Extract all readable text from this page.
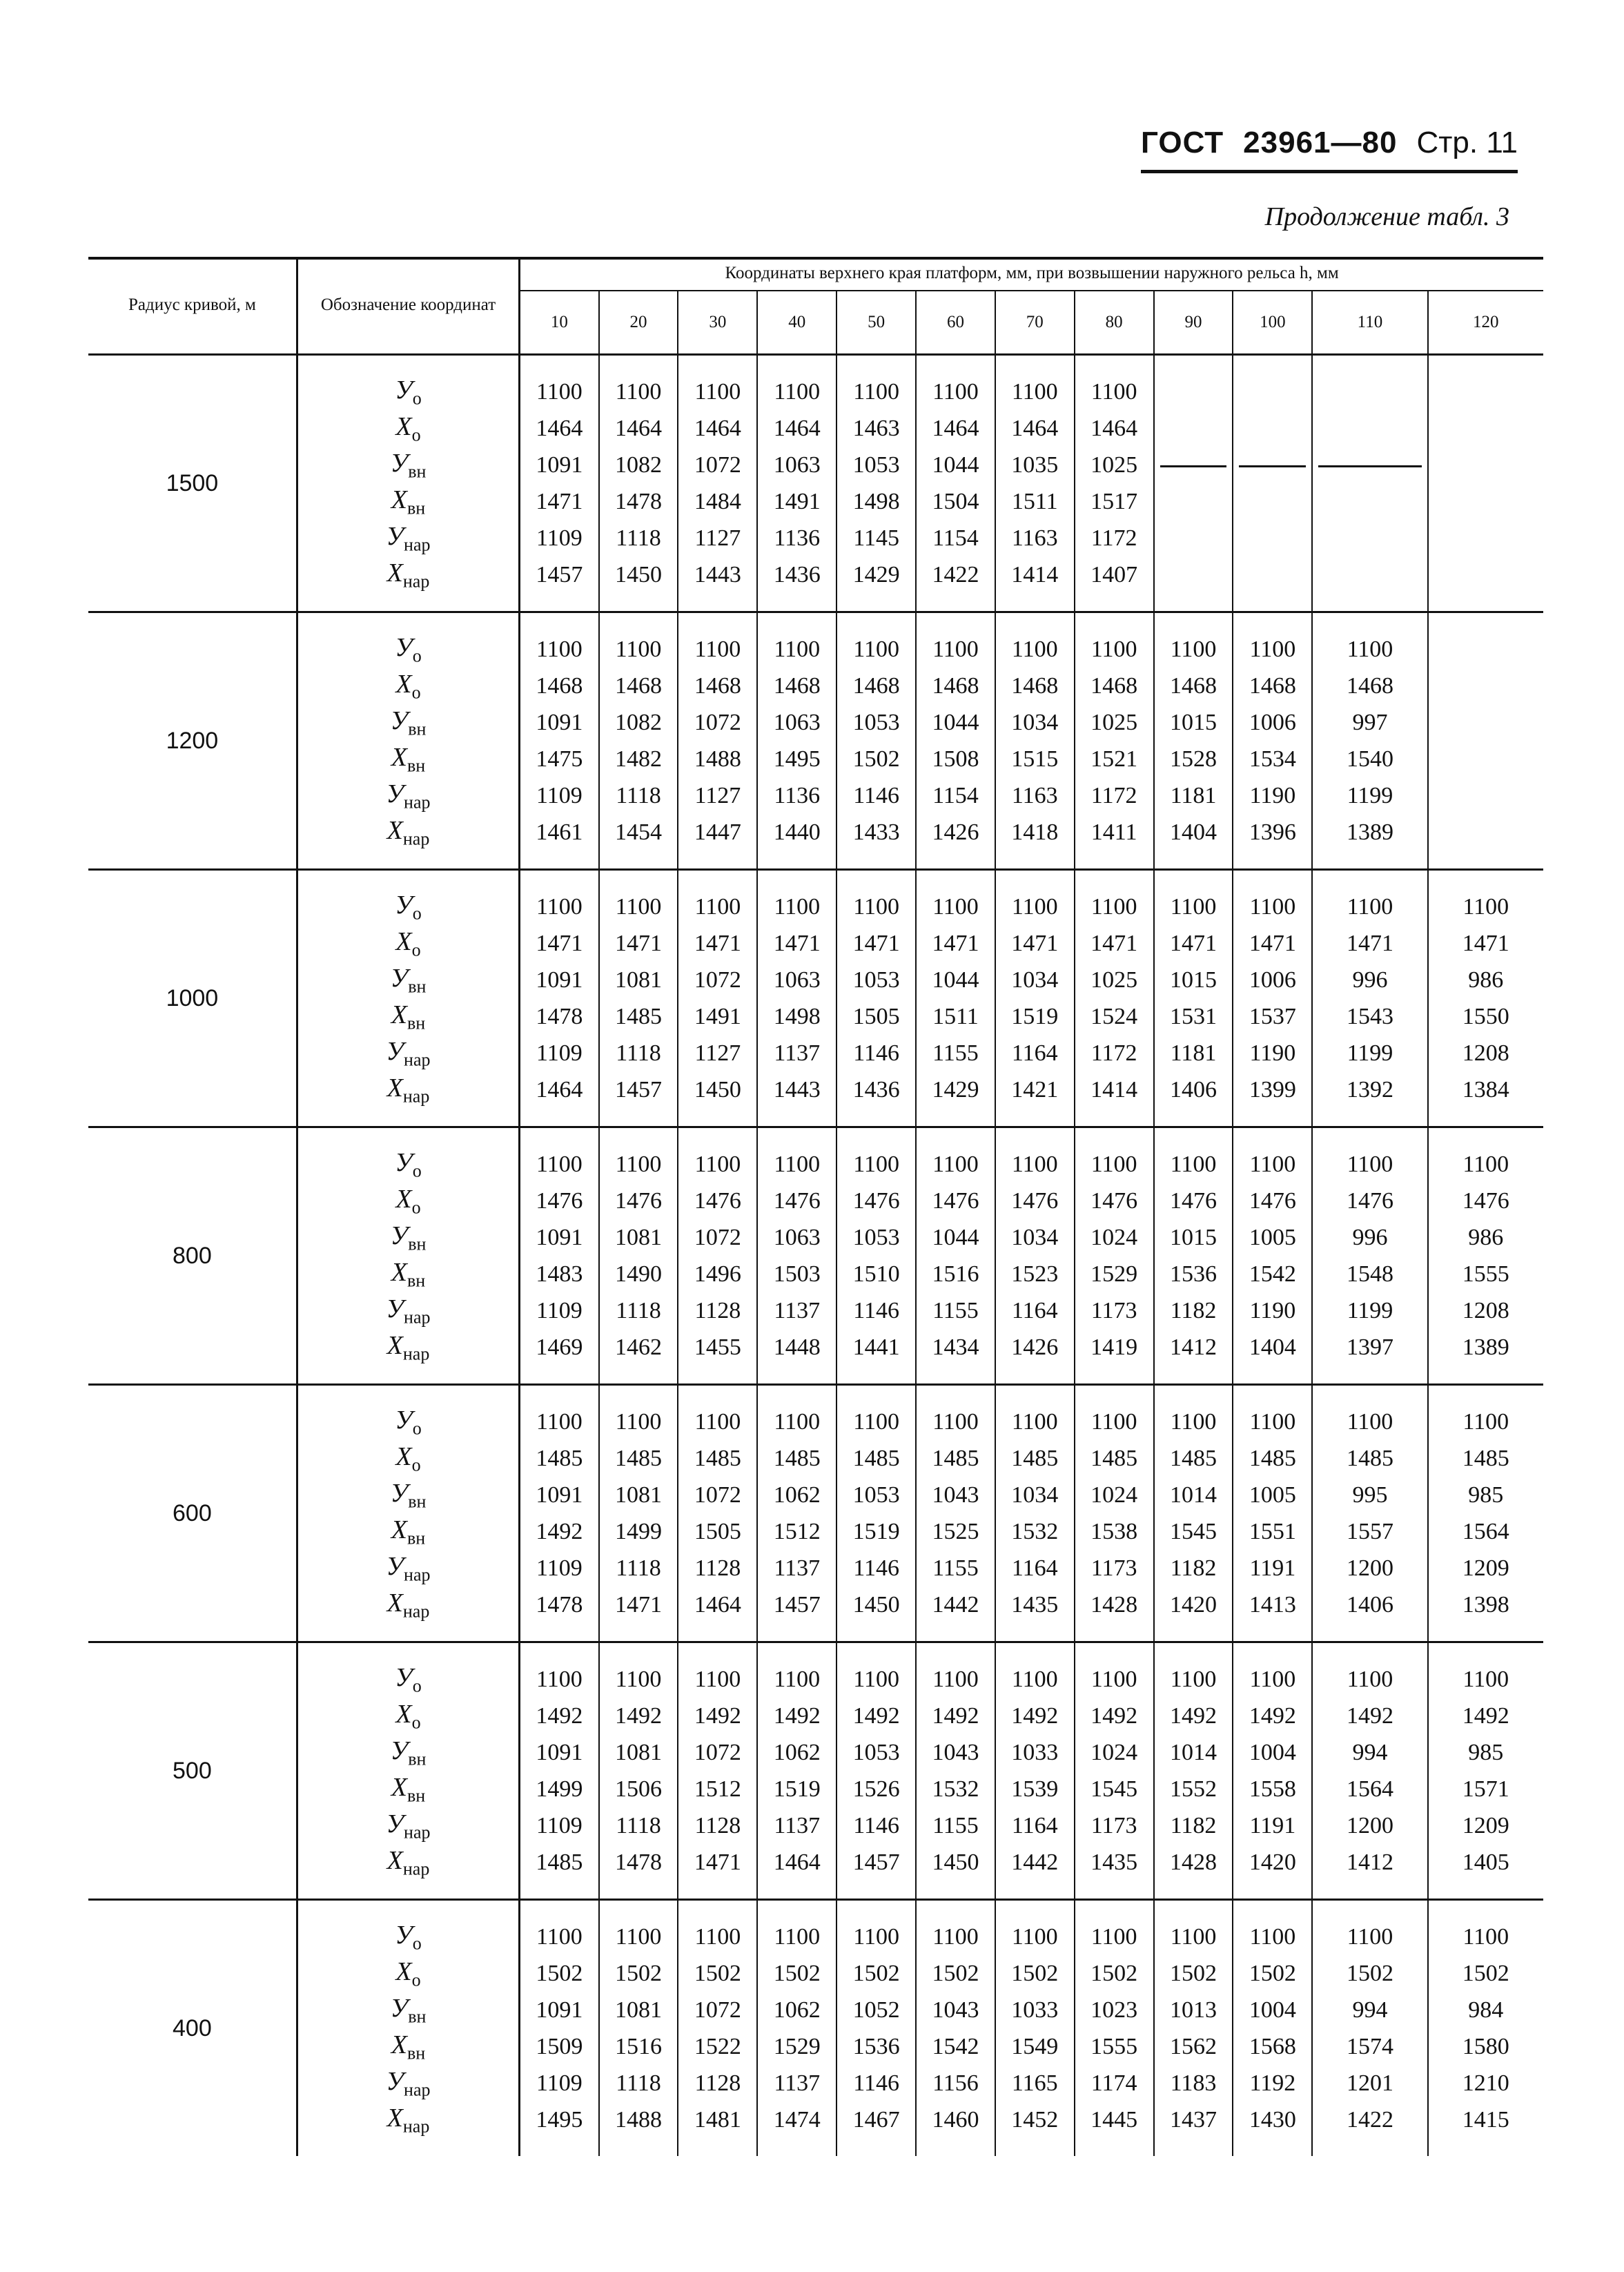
ГОСТ 23961—80 Стр. 11
Продолжение табл. 3
Радиус кривой, м	Обозначение координат	Координаты верхнего края платформ, мм, при возвышении наружного рельса h, мм											
		10	20	30	40	50	60	70	80	90	100	110	120
1500													
	$У_о$	1100	1100	1100	1100	1100	1100	1100	1100				
	$X_о$	1464	1464	1464	1464	1463	1464	1464	1464				
	$У_{вн}$	1091	1082	1072	1063	1053	1044	1035	1025				
	$X_{вн}$	1471	1478	1484	1491	1498	1504	1511	1517				
	$У_{нар}$	1109	1118	1127	1136	1145	1154	1163	1172				
	$X_{нар}$	1457	1450	1443	1436	1429	1422	1414	1407				

1200													
	$У_о$	1100	1100	1100	1100	1100	1100	1100	1100	1100	1100	1100	
	$X_о$	1468	1468	1468	1468	1468	1468	1468	1468	1468	1468	1468	
	$У_{вн}$	1091	1082	1072	1063	1053	1044	1034	1025	1015	1006	997	
	$X_{вн}$	1475	1482	1488	1495	1502	1508	1515	1521	1528	1534	1540	
	$У_{нар}$	1109	1118	1127	1136	1146	1154	1163	1172	1181	1190	1199	
	$X_{нар}$	1461	1454	1447	1440	1433	1426	1418	1411	1404	1396	1389	

1000													
	$У_о$	1100	1100	1100	1100	1100	1100	1100	1100	1100	1100	1100	1100
	$X_о$	1471	1471	1471	1471	1471	1471	1471	1471	1471	1471	1471	1471
	$У_{вн}$	1091	1081	1072	1063	1053	1044	1034	1025	1015	1006	996	986
	$X_{вн}$	1478	1485	1491	1498	1505	1511	1519	1524	1531	1537	1543	1550
	$У_{нар}$	1109	1118	1127	1137	1146	1155	1164	1172	1181	1190	1199	1208
	$X_{нар}$	1464	1457	1450	1443	1436	1429	1421	1414	1406	1399	1392	1384

800													
	$У_о$	1100	1100	1100	1100	1100	1100	1100	1100	1100	1100	1100	1100
	$X_о$	1476	1476	1476	1476	1476	1476	1476	1476	1476	1476	1476	1476
	$У_{вн}$	1091	1081	1072	1063	1053	1044	1034	1024	1015	1005	996	986
	$X_{вн}$	1483	1490	1496	1503	1510	1516	1523	1529	1536	1542	1548	1555
	$У_{нар}$	1109	1118	1128	1137	1146	1155	1164	1173	1182	1190	1199	1208
	$X_{нар}$	1469	1462	1455	1448	1441	1434	1426	1419	1412	1404	1397	1389

600													
	$У_о$	1100	1100	1100	1100	1100	1100	1100	1100	1100	1100	1100	1100
	$X_о$	1485	1485	1485	1485	1485	1485	1485	1485	1485	1485	1485	1485
	$У_{вн}$	1091	1081	1072	1062	1053	1043	1034	1024	1014	1005	995	985
	$X_{вн}$	1492	1499	1505	1512	1519	1525	1532	1538	1545	1551	1557	1564
	$У_{нар}$	1109	1118	1128	1137	1146	1155	1164	1173	1182	1191	1200	1209
	$X_{нар}$	1478	1471	1464	1457	1450	1442	1435	1428	1420	1413	1406	1398

500													
	$У_о$	1100	1100	1100	1100	1100	1100	1100	1100	1100	1100	1100	1100
	$X_о$	1492	1492	1492	1492	1492	1492	1492	1492	1492	1492	1492	1492
	$У_{вн}$	1091	1081	1072	1062	1053	1043	1033	1024	1014	1004	994	985
	$X_{вн}$	1499	1506	1512	1519	1526	1532	1539	1545	1552	1558	1564	1571
	$У_{нар}$	1109	1118	1128	1137	1146	1155	1164	1173	1182	1191	1200	1209
	$X_{нар}$	1485	1478	1471	1464	1457	1450	1442	1435	1428	1420	1412	1405

400													
	$У_о$	1100	1100	1100	1100	1100	1100	1100	1100	1100	1100	1100	1100
	$X_о$	1502	1502	1502	1502	1502	1502	1502	1502	1502	1502	1502	1502
	$У_{вн}$	1091	1081	1072	1062	1052	1043	1033	1023	1013	1004	994	984
	$X_{вн}$	1509	1516	1522	1529	1536	1542	1549	1555	1562	1568	1574	1580
	$У_{нар}$	1109	1118	1128	1137	1146	1156	1165	1174	1183	1192	1201	1210
	$X_{нар}$	1495	1488	1481	1474	1467	1460	1452	1445	1437	1430	1422	1415
